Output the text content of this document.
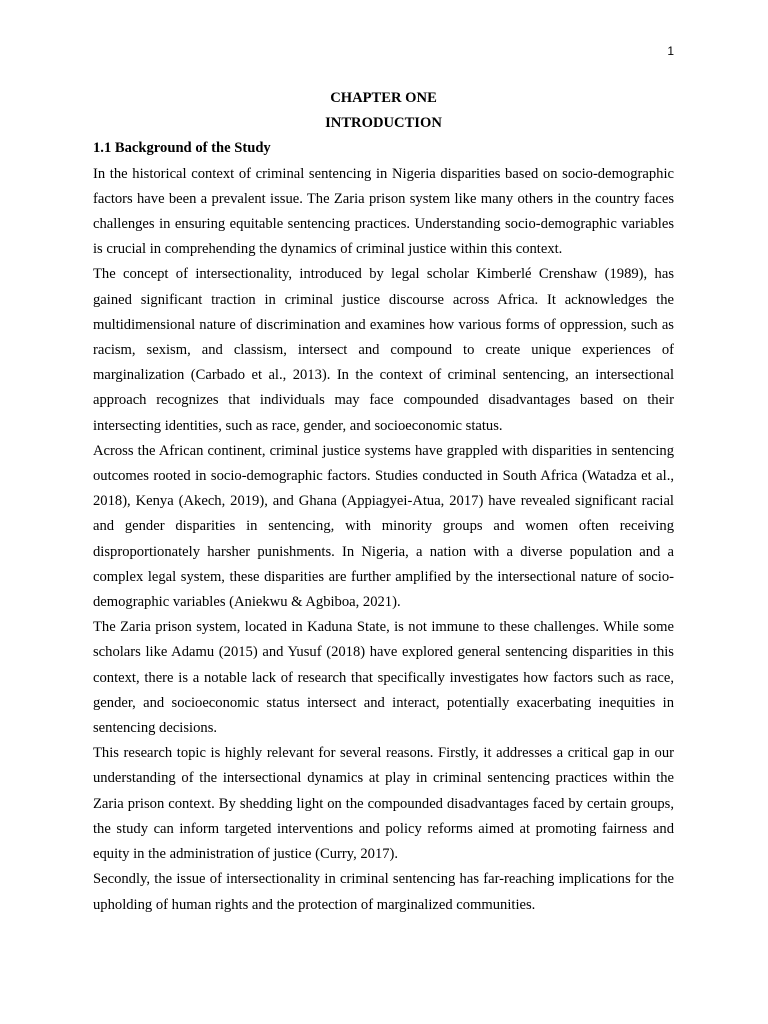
1

CHAPTER ONE

INTRODUCTION

1.1 Background of the Study

In the historical context of criminal sentencing in Nigeria disparities based on socio-demographic factors have been a prevalent issue. The Zaria prison system like many others in the country faces challenges in ensuring equitable sentencing practices. Understanding socio-demographic variables is crucial in comprehending the dynamics of criminal justice within this context.

The concept of intersectionality, introduced by legal scholar Kimberlé Crenshaw (1989), has gained significant traction in criminal justice discourse across Africa. It acknowledges the multidimensional nature of discrimination and examines how various forms of oppression, such as racism, sexism, and classism, intersect and compound to create unique experiences of marginalization (Carbado et al., 2013). In the context of criminal sentencing, an intersectional approach recognizes that individuals may face compounded disadvantages based on their intersecting identities, such as race, gender, and socioeconomic status.

Across the African continent, criminal justice systems have grappled with disparities in sentencing outcomes rooted in socio-demographic factors. Studies conducted in South Africa (Watadza et al., 2018), Kenya (Akech, 2019), and Ghana (Appiagyei-Atua, 2017) have revealed significant racial and gender disparities in sentencing, with minority groups and women often receiving disproportionately harsher punishments. In Nigeria, a nation with a diverse population and a complex legal system, these disparities are further amplified by the intersectional nature of socio-demographic variables (Aniekwu & Agbiboa, 2021).

The Zaria prison system, located in Kaduna State, is not immune to these challenges. While some scholars like Adamu (2015) and Yusuf (2018) have explored general sentencing disparities in this context, there is a notable lack of research that specifically investigates how factors such as race, gender, and socioeconomic status intersect and interact, potentially exacerbating inequities in sentencing decisions.

This research topic is highly relevant for several reasons. Firstly, it addresses a critical gap in our understanding of the intersectional dynamics at play in criminal sentencing practices within the Zaria prison context. By shedding light on the compounded disadvantages faced by certain groups, the study can inform targeted interventions and policy reforms aimed at promoting fairness and equity in the administration of justice (Curry, 2017).

Secondly, the issue of intersectionality in criminal sentencing has far-reaching implications for the upholding of human rights and the protection of marginalized communities.
